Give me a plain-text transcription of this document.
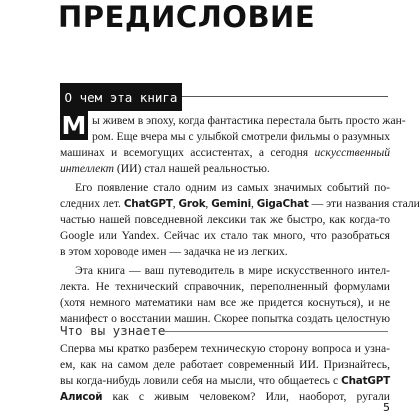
ПРЕДИСЛОВИЕ
О чем эта книга
М ы живем в эпоху, когда фантастика перестала быть просто жан-
ром. Еще вчера мы с улыбкой смотрели фильмы о разумных
машинах и всемогущих ассистентах, а сегодня искусственный
интеллект (ИИ) стал нашей реальностью.
Его появление стало одним из самых значимых событий по-
следних лет. ChatGPT, Grok, Gemini, GigaChat — эти названия стали
частью нашей повседневной лексики так же быстро, как когда-то
Google или Yandex. Сейчас их стало так много, что разобраться
в этом хороводе имен — задачка не из легких.
Эта книга — ваш путеводитель в мире искусственного интел-
лекта. Не технический справочник, переполненный формулами
(хотя немного математики нам все же придется коснуться), и не
манифест о восстании машин. Скорее попытка создать целостную
Что вы узнаете
Сперва мы кратко разберем техническую сторону вопроса и узна-
ем, как на самом деле работает современный ИИ. Признайтесь,
вы когда-нибудь ловили себя на мысли, что общаетесь с ChatGPT
Алисой как с живым человеком? Или, наоборот, ругали
5
